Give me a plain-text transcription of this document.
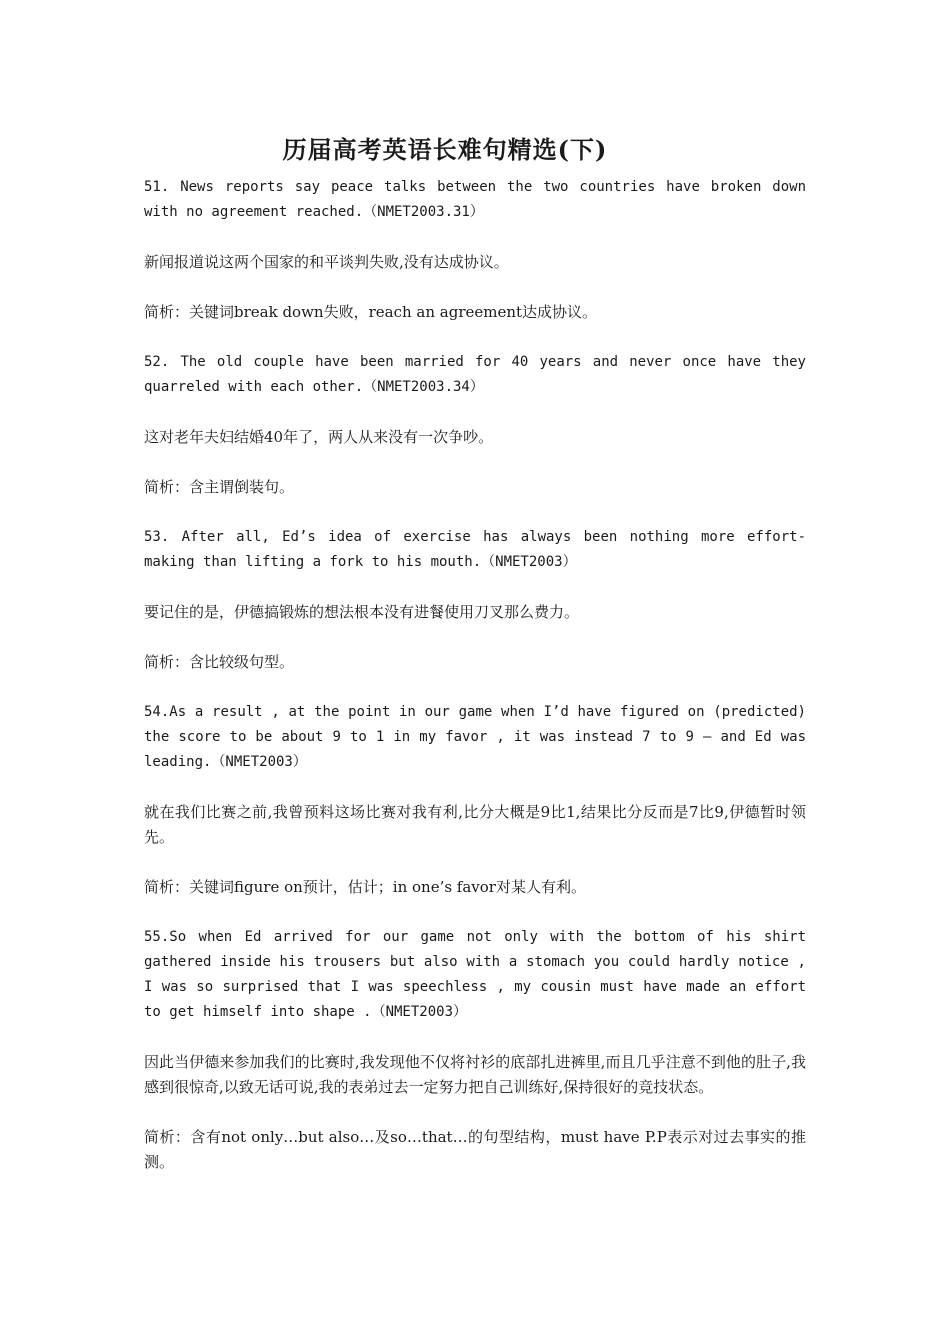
历届高考英语长难句精选(下)

51. News reports say peace talks between the two countries have broken down with no agreement reached.（NMET2003.31）

新闻报道说这两个国家的和平谈判失败,没有达成协议。

简析：关键词break down失败，reach an agreement达成协议。

52. The old couple have been married for 40 years and never once have they quarreled with each other.（NMET2003.34）

这对老年夫妇结婚40年了，两人从来没有一次争吵。

简析：含主谓倒装句。

53. After all, Ed’s idea of exercise has always been nothing more effort-making than lifting a fork to his mouth.（NMET2003）

要记住的是，伊德搞锻炼的想法根本没有进餐使用刀叉那么费力。

简析：含比较级句型。

54.As a result , at the point in our game when I’d have figured on (predicted) the score to be about 9 to 1 in my favor , it was instead 7 to 9 — and Ed was leading.（NMET2003）

就在我们比赛之前,我曾预料这场比赛对我有利,比分大概是9比1,结果比分反而是7比9,伊德暂时领先。

简析：关键词figure on预计，估计；in one’s favor对某人有利。

55.So when Ed arrived for our game not only with the bottom of his shirt gathered inside his trousers but also with a stomach you could hardly notice , I was so surprised that I was speechless , my cousin must have made an effort to get himself into shape .（NMET2003）

因此当伊德来参加我们的比赛时,我发现他不仅将衬衫的底部扎进裤里,而且几乎注意不到他的肚子,我感到很惊奇,以致无话可说,我的表弟过去一定努力把自己训练好,保持很好的竞技状态。

简析：含有not only…but also…及so…that…的句型结构，must have P.P表示对过去事实的推测。
